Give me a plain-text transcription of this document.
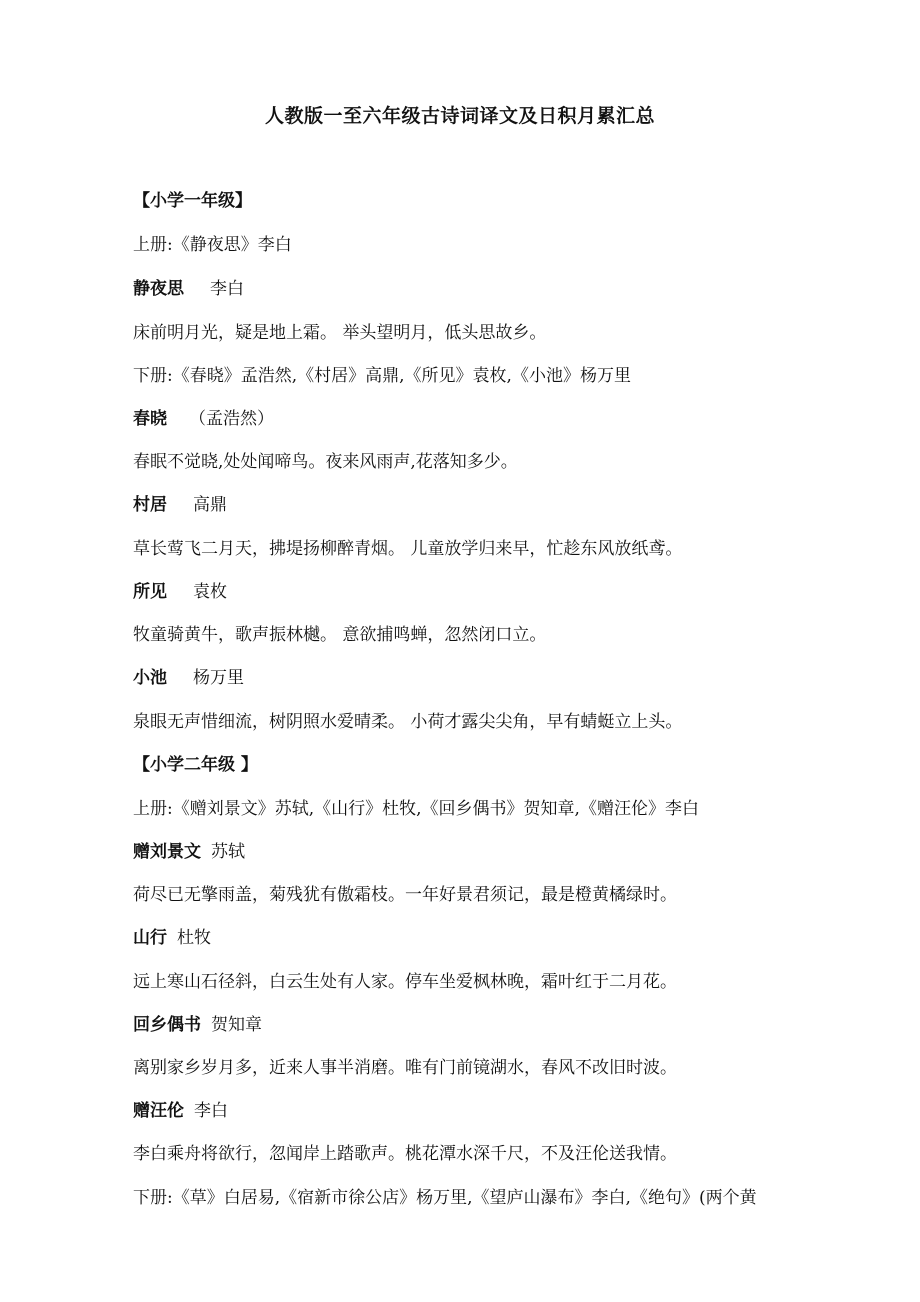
人教版一至六年级古诗词译文及日积月累汇总
【小学一年级】
上册:《静夜思》李白
静夜思 李白
床前明月光，疑是地上霜。 举头望明月，低头思故乡。
下册:《春晓》孟浩然,《村居》高鼎,《所见》袁枚,《小池》杨万里
春晓 （孟浩然）
春眠不觉晓,处处闻啼鸟。夜来风雨声,花落知多少。
村居 高鼎
草长莺飞二月天，拂堤扬柳醉青烟。 儿童放学归来早，忙趁东风放纸鸢。
所见 袁枚
牧童骑黄牛，歌声振林樾。 意欲捕鸣蝉，忽然闭口立。
小池 杨万里
泉眼无声惜细流，树阴照水爱晴柔。 小荷才露尖尖角，早有蜻蜓立上头。
【小学二年级 】
上册:《赠刘景文》苏轼,《山行》杜牧,《回乡偶书》贺知章,《赠汪伦》李白
赠刘景文 苏轼
荷尽已无擎雨盖，菊残犹有傲霜枝。一年好景君须记，最是橙黄橘绿时。
山行 杜牧
远上寒山石径斜，白云生处有人家。停车坐爱枫林晚，霜叶红于二月花。
回乡偶书 贺知章
离别家乡岁月多，近来人事半消磨。唯有门前镜湖水，春风不改旧时波。
赠汪伦 李白
李白乘舟将欲行，忽闻岸上踏歌声。桃花潭水深千尺，不及汪伦送我情。
下册:《草》白居易,《宿新市徐公店》杨万里,《望庐山瀑布》李白,《绝句》(两个黄
